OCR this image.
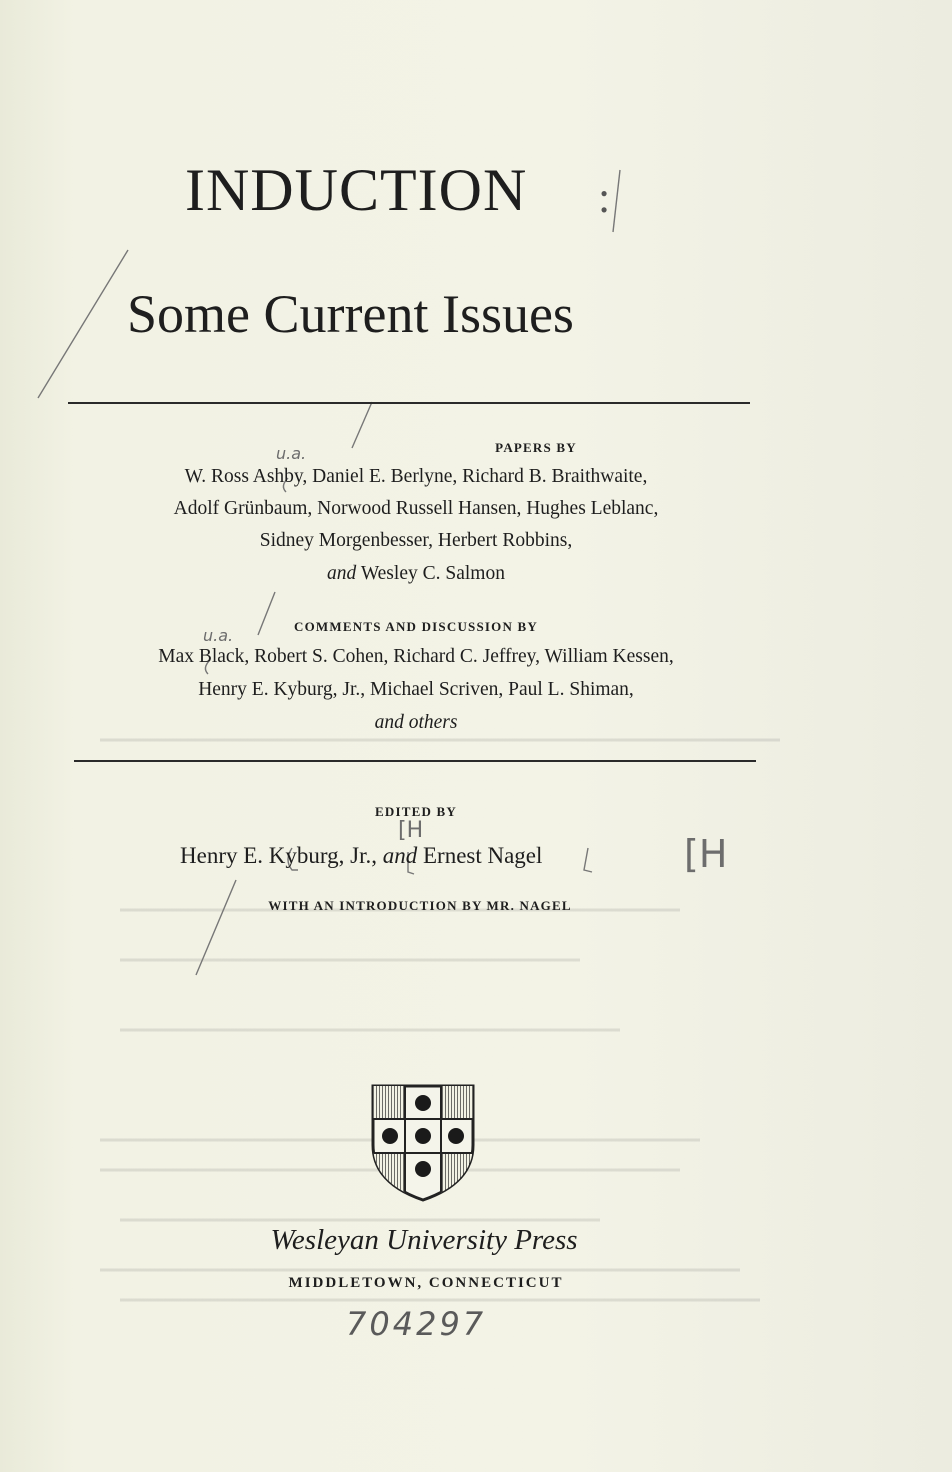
INDUCTION :
Some Current Issues
PAPERS BY
W. Ross Ashby, Daniel E. Berlyne, Richard B. Braithwaite,
Adolf Grünbaum, Norwood Russell Hansen, Hughes Leblanc,
Sidney Morgenbesser, Herbert Robbins,
and Wesley C. Salmon
COMMENTS AND DISCUSSION BY
Max Black, Robert S. Cohen, Richard C. Jeffrey, William Kessen,
Henry E. Kyburg, Jr., Michael Scriven, Paul L. Shiman,
and others
EDITED BY
Henry E. Kyburg, Jr., and Ernest Nagel
WITH AN INTRODUCTION BY MR. NAGEL
u.a.
u.a.
[H
[H
Wesleyan University Press
MIDDLETOWN, CONNECTICUT
704297
